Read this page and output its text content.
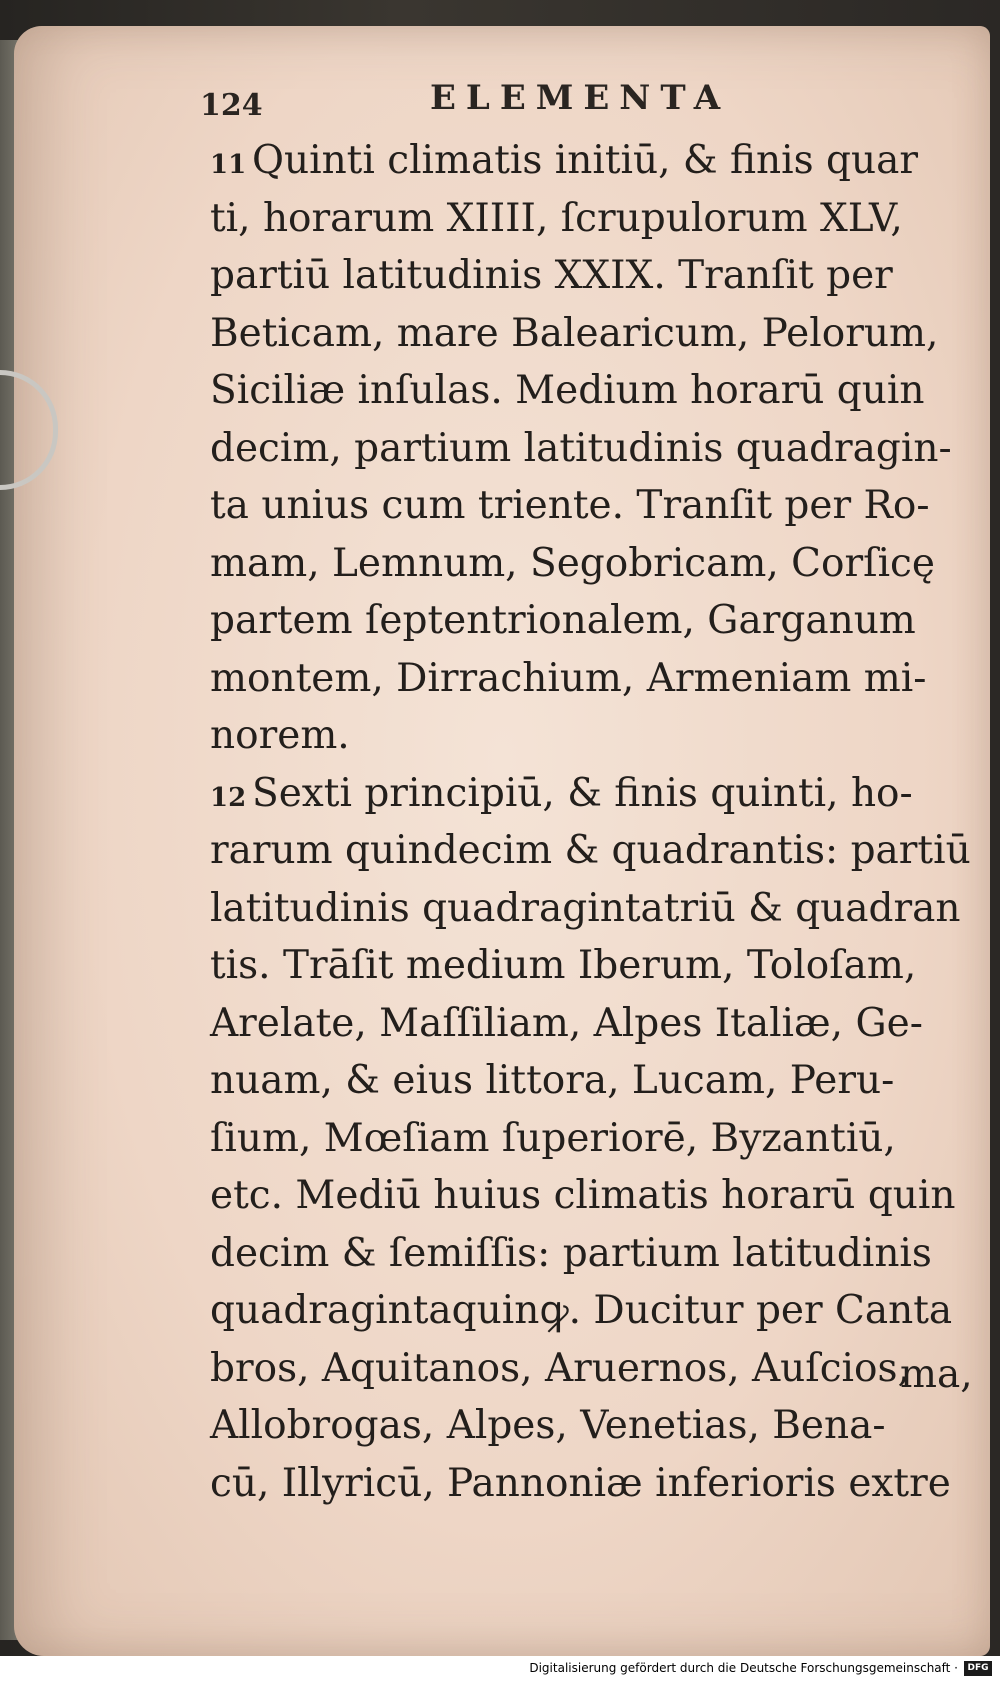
124	ELEMENTA
11 Quinti climatis initiū, & finis quar
ti, horarum XIIII, ſcrupulorum XLV,
partiū latitudinis XXIX. Tranſit per
Beticam, mare Balearicum, Pelorum,
Siciliæ inſulas. Medium horarū quin
decim, partium latitudinis quadragin-
ta unius cum triente. Tranſit per Ro-
mam, Lemnum, Segobricam, Corſicę
partem ſeptentrionalem, Garganum
montem, Dirrachium, Armeniam mi-
norem.
12 Sexti principiū, & finis quinti, ho-
rarum quindecim & quadrantis: partiū
latitudinis quadragintatriū & quadran
tis. Trāſit medium Iberum, Toloſam,
Arelate, Maſſiliam, Alpes Italiæ, Ge-
nuam, & eius littora, Lucam, Peru-
ſium, Mœſiam ſuperiorē, Byzantiū,
etc. Mediū huius climatis horarū quin
decim & ſemiſſis: partium latitudinis
quadragintaquinꝙ. Ducitur per Canta
bros, Aquitanos, Aruernos, Auſcios,
Allobrogas, Alpes, Venetias, Bena-
cū, Illyricū, Pannoniæ inferioris extre
ma,
Digitalisierung gefördert durch die Deutsche Forschungsgemeinschaft ·	DFG
